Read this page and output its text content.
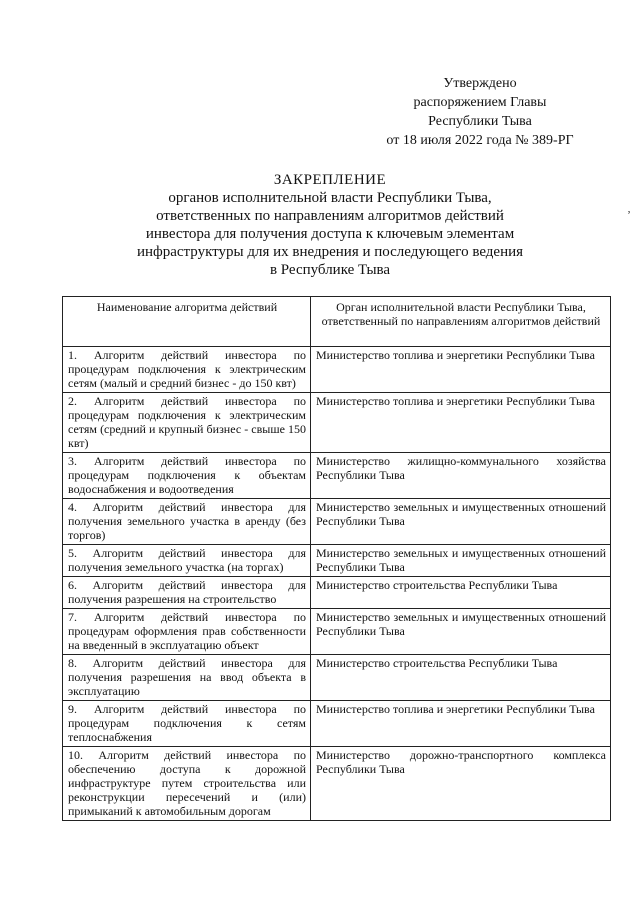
Утверждено
распоряжением Главы
Республики Тыва
от 18 июля 2022 года № 389-РГ
ЗАКРЕПЛЕНИЕ
органов исполнительной власти Республики Тыва,
ответственных по направлениям алгоритмов действий
инвестора для получения доступа к ключевым элементам
инфраструктуры для их внедрения и последующего ведения
в Республике Тыва
‚
Наименование алгоритма действий	Орган исполнительной власти Республики Тыва, ответственный по направлениям алгоритмов действий
1. Алгоритм действий инвестора по процедурам подключения к электрическим сетям (малый и средний бизнес - до 150 квт)	Министерство топлива и энергетики Республики Тыва
2. Алгоритм действий инвестора по процедурам подключения к электрическим сетям (средний и крупный бизнес - свыше 150 квт)	Министерство топлива и энергетики Республики Тыва
3. Алгоритм действий инвестора по процедурам подключения к объектам водоснабжения и водоотведения	Министерство жилищно-коммунального хозяйства Республики Тыва
4. Алгоритм действий инвестора для получения земельного участка в аренду (без торгов)	Министерство земельных и имущественных отношений Республики Тыва
5. Алгоритм действий инвестора для получения земельного участка (на торгах)	Министерство земельных и имущественных отношений Республики Тыва
6. Алгоритм действий инвестора для получения разрешения на строительство	Министерство строительства Республики Тыва
7. Алгоритм действий инвестора по процедурам оформления прав собственности на введенный в эксплуатацию объект	Министерство земельных и имущественных отношений Республики Тыва
8. Алгоритм действий инвестора для получения разрешения на ввод объекта в эксплуатацию	Министерство строительства Республики Тыва
9. Алгоритм действий инвестора по процедурам подключения к сетям теплоснабжения	Министерство топлива и энергетики Республики Тыва
10. Алгоритм действий инвестора по обеспечению доступа к дорожной инфраструктуре путем строительства или реконструкции пересечений и (или) примыканий к автомобильным дорогам	Министерство дорожно-транспортного комплекса Республики Тыва
